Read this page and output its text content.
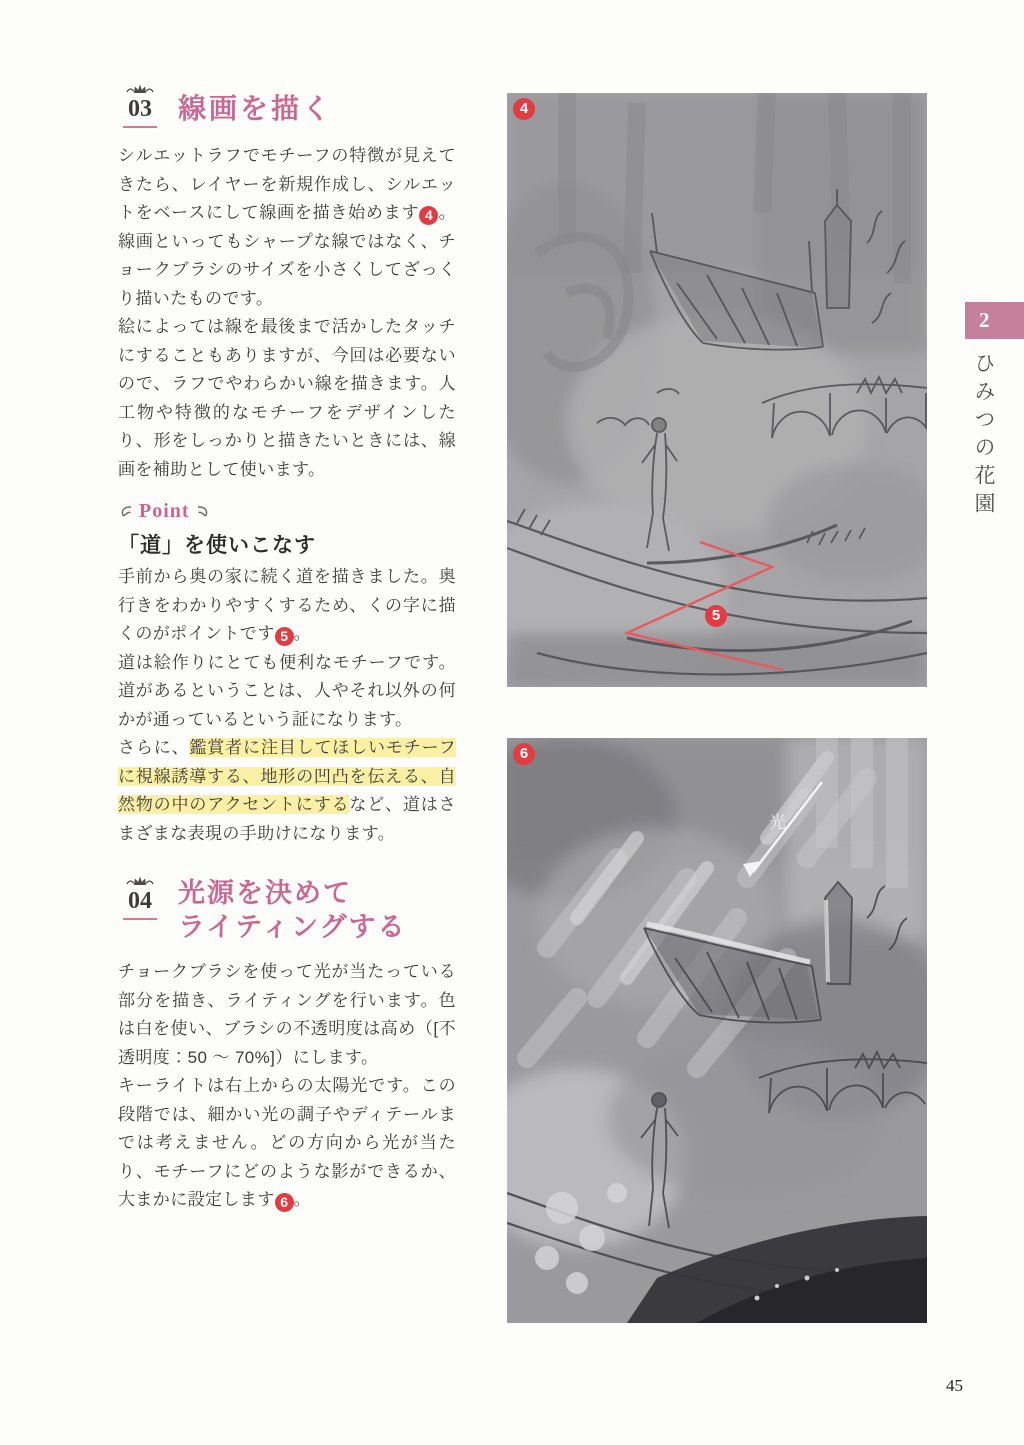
03 線画を描く

シルエットラフでモチーフの特徴が見えてきたら、レイヤーを新規作成し、シルエットをベースにして線画を描き始めます 4 。線画といってもシャープな線ではなく、チョークブラシのサイズを小さくしてざっくり描いたものです。

絵によっては線を最後まで活かしたタッチにすることもありますが、今回は必要ないので、ラフでやわらかい線を描きます。人工物や特徴的なモチーフをデザインしたり、形をしっかりと描きたいときには、線画を補助として使います。

Point
「道」を使いこなす

手前から奥の家に続く道を描きました。奥行きをわかりやすくするため、くの字に描くのがポイントです 5 。

道は絵作りにとても便利なモチーフです。道があるということは、人やそれ以外の何かが通っているという証になります。

さらに、鑑賞者に注目してほしいモチーフに視線誘導する、地形の凹凸を伝える、自然物の中のアクセントにするなど、道はさまざまな表現の手助けになります。

04 光源を決めて
ライティングする

チョークブラシを使って光が当たっている部分を描き、ライティングを行います。色は白を使い、ブラシの不透明度は高め（[不透明度：50 〜 70%]）にします。

キーライトは右上からの太陽光です。この段階では、細かい光の調子やディテールまでは考えません。どの方向から光が当たり、モチーフにどのような影ができるか、大まかに設定します 6 。

4
5
光
6
2
ひみつの花園
45
